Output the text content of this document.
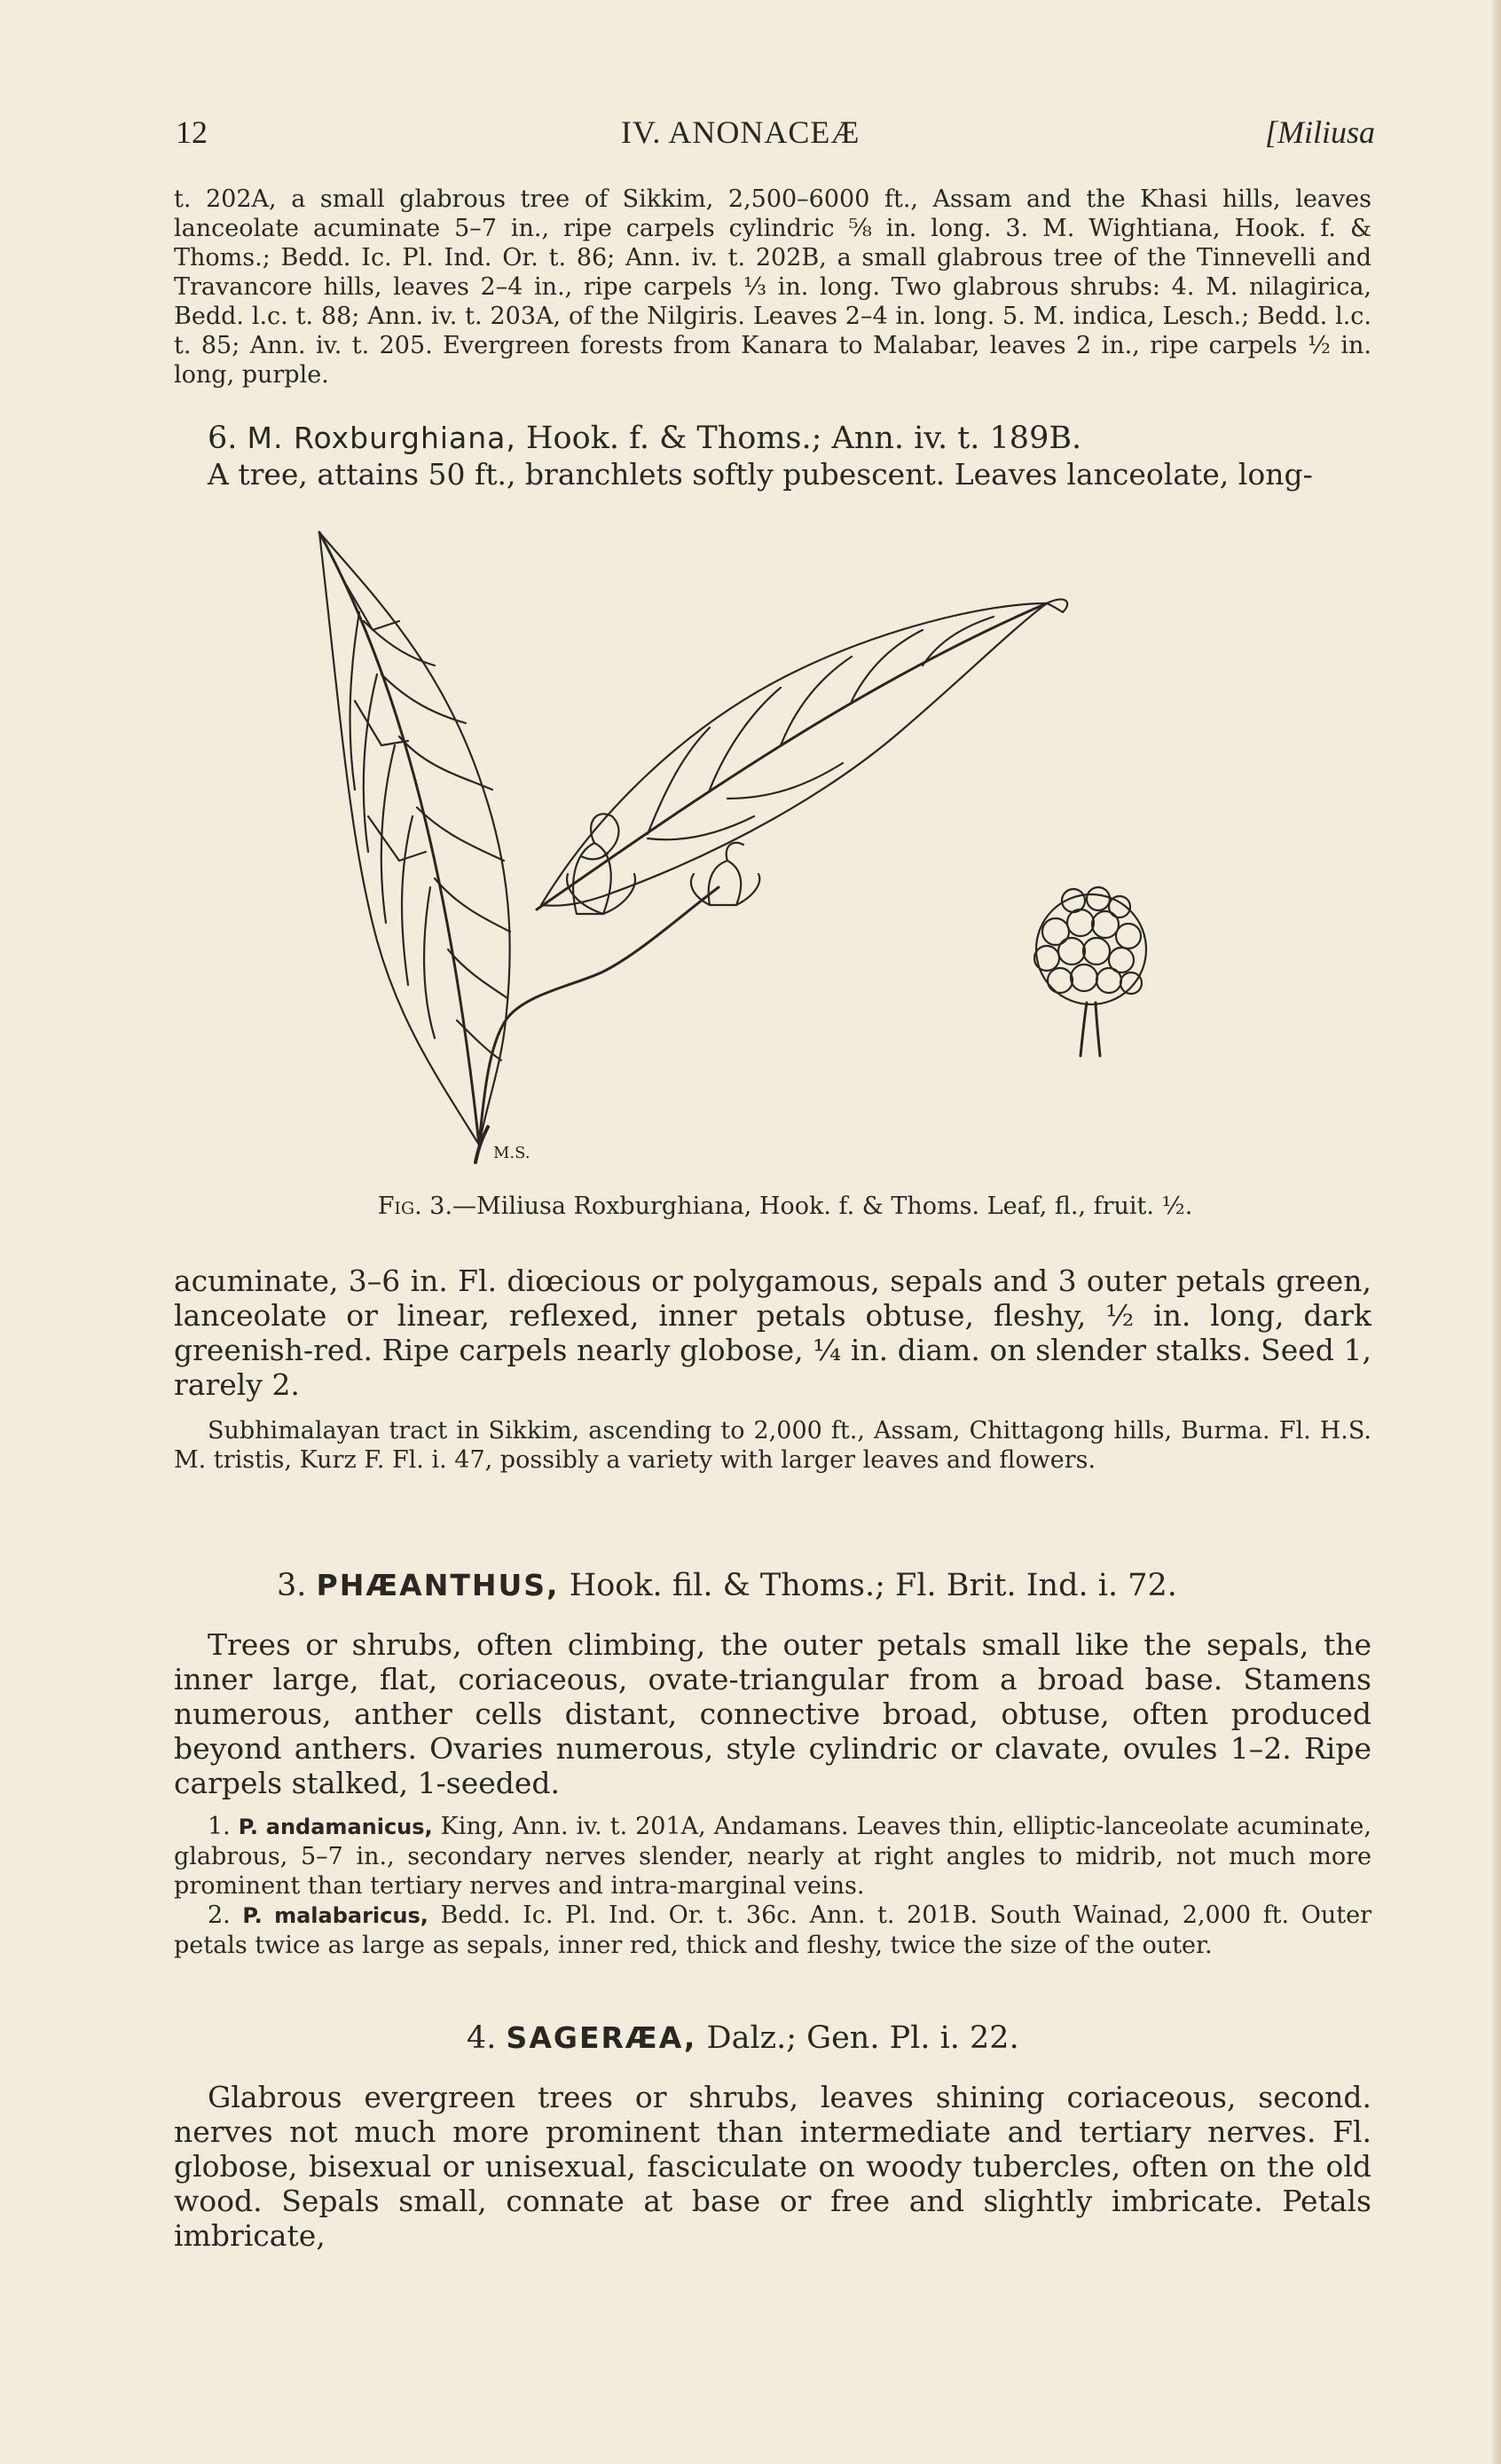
12	IV. ANONACEÆ	[Miliusa
t. 202A, a small glabrous tree of Sikkim, 2,500–6000 ft., Assam and the Khasi hills, leaves lanceolate acuminate 5–7 in., ripe carpels cylindric ⅝ in. long. 3. M. Wightiana, Hook. f. & Thoms.; Bedd. Ic. Pl. Ind. Or. t. 86; Ann. iv. t. 202B, a small glabrous tree of the Tinnevelli and Travancore hills, leaves 2–4 in., ripe carpels ⅓ in. long. Two glabrous shrubs: 4. M. nilagirica, Bedd. l.c. t. 88; Ann. iv. t. 203A, of the Nilgiris. Leaves 2–4 in. long. 5. M. indica, Lesch.; Bedd. l.c. t. 85; Ann. iv. t. 205. Evergreen forests from Kanara to Malabar, leaves 2 in., ripe carpels ½ in. long, purple.
6. M. Roxburghiana, Hook. f. & Thoms.; Ann. iv. t. 189B.
A tree, attains 50 ft., branchlets softly pubescent. Leaves lanceolate, long-
M.S.
Fig. 3.—Miliusa Roxburghiana, Hook. f. & Thoms. Leaf, fl., fruit. ½.
acuminate, 3–6 in. Fl. diœcious or polygamous, sepals and 3 outer petals green, lanceolate or linear, reflexed, inner petals obtuse, fleshy, ½ in. long, dark greenish-red. Ripe carpels nearly globose, ¼ in. diam. on slender stalks. Seed 1, rarely 2.
Subhimalayan tract in Sikkim, ascending to 2,000 ft., Assam, Chittagong hills, Burma. Fl. H.S. M. tristis, Kurz F. Fl. i. 47, possibly a variety with larger leaves and flowers.
3. PHÆANTHUS, Hook. fil. & Thoms.; Fl. Brit. Ind. i. 72.
Trees or shrubs, often climbing, the outer petals small like the sepals, the inner large, flat, coriaceous, ovate-triangular from a broad base. Stamens numerous, anther cells distant, connective broad, obtuse, often produced beyond anthers. Ovaries numerous, style cylindric or clavate, ovules 1–2. Ripe carpels stalked, 1-seeded.
1. P. andamanicus, King, Ann. iv. t. 201A, Andamans. Leaves thin, elliptic-lanceolate acuminate, glabrous, 5–7 in., secondary nerves slender, nearly at right angles to midrib, not much more prominent than tertiary nerves and intra-marginal veins.
2. P. malabaricus, Bedd. Ic. Pl. Ind. Or. t. 36c. Ann. t. 201B. South Wainad, 2,000 ft. Outer petals twice as large as sepals, inner red, thick and fleshy, twice the size of the outer.
4. SAGERÆA, Dalz.; Gen. Pl. i. 22.
Glabrous evergreen trees or shrubs, leaves shining coriaceous, second. nerves not much more prominent than intermediate and tertiary nerves. Fl. globose, bisexual or unisexual, fasciculate on woody tubercles, often on the old wood. Sepals small, connate at base or free and slightly imbricate. Petals imbricate,
